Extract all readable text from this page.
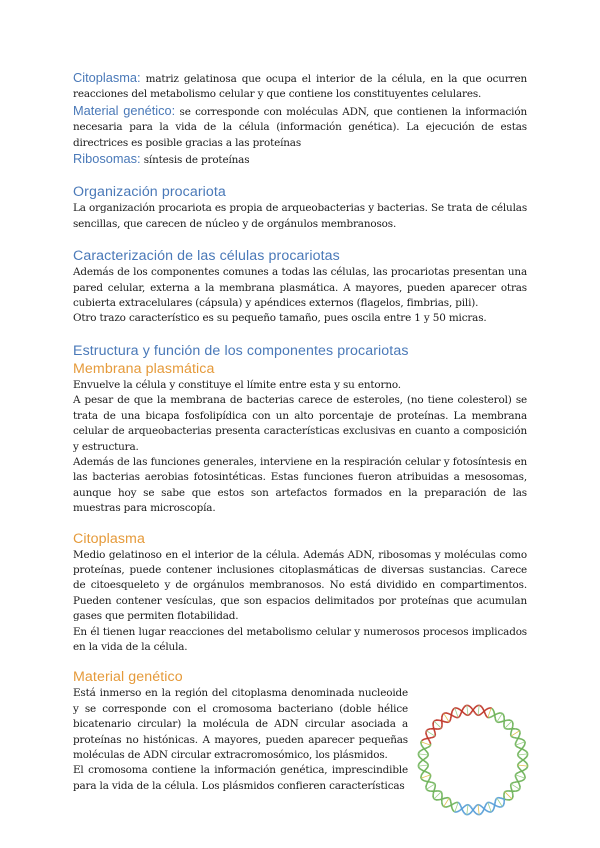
Citoplasma: matriz gelatinosa que ocupa el interior de la célula, en la que ocurren reacciones del metabolismo celular y que contiene los constituyentes celulares.

Material genético: se corresponde con moléculas ADN, que contienen la información necesaria para la vida de la célula (información genética). La ejecución de estas directrices es posible gracias a las proteínas

Ribosomas: síntesis de proteínas

Organización procariota

La organización procariota es propia de arqueobacterias y bacterias. Se trata de células sencillas, que carecen de núcleo y de orgánulos membranosos.

Caracterización de las células procariotas

Además de los componentes comunes a todas las células, las procariotas presentan una pared celular, externa a la membrana plasmática. A mayores, pueden aparecer otras cubierta extracelulares (cápsula) y apéndices externos (flagelos, fimbrias, pili).

Otro trazo característico es su pequeño tamaño, pues oscila entre 1 y 50 micras.

Estructura y función de los componentes procariotas
Membrana plasmática

Envuelve la célula y constituye el límite entre esta y su entorno.

A pesar de que la membrana de bacterias carece de esteroles, (no tiene colesterol) se trata de una bicapa fosfolipídica con un alto porcentaje de proteínas. La membrana celular de arqueobacterias presenta características exclusivas en cuanto a composición y estructura.

Además de las funciones generales, interviene en la respiración celular y fotosíntesis en las bacterias aerobias fotosintéticas. Estas funciones fueron atribuidas a mesosomas, aunque hoy se sabe que estos son artefactos formados en la preparación de las muestras para microscopía.

Citoplasma

Medio gelatinoso en el interior de la célula. Además ADN, ribosomas y moléculas como proteínas, puede contener inclusiones citoplasmáticas de diversas sustancias. Carece de citoesqueleto y de orgánulos membranosos. No está dividido en compartimentos. Pueden contener vesículas, que son espacios delimitados por proteínas que acumulan gases que permiten flotabilidad.

En él tienen lugar reacciones del metabolismo celular y numerosos procesos implicados en la vida de la célula.

Material genético

Está inmerso en la región del citoplasma denominada nucleoide y se corresponde con el cromosoma bacteriano (doble hélice bicatenario circular) la molécula de ADN circular asociada a proteínas no histónicas. A mayores, pueden aparecer pequeñas moléculas de ADN circular extracromosómico, los plásmidos.

El cromosoma contiene la información genética, imprescindible para la vida de la célula. Los plásmidos confieren características
